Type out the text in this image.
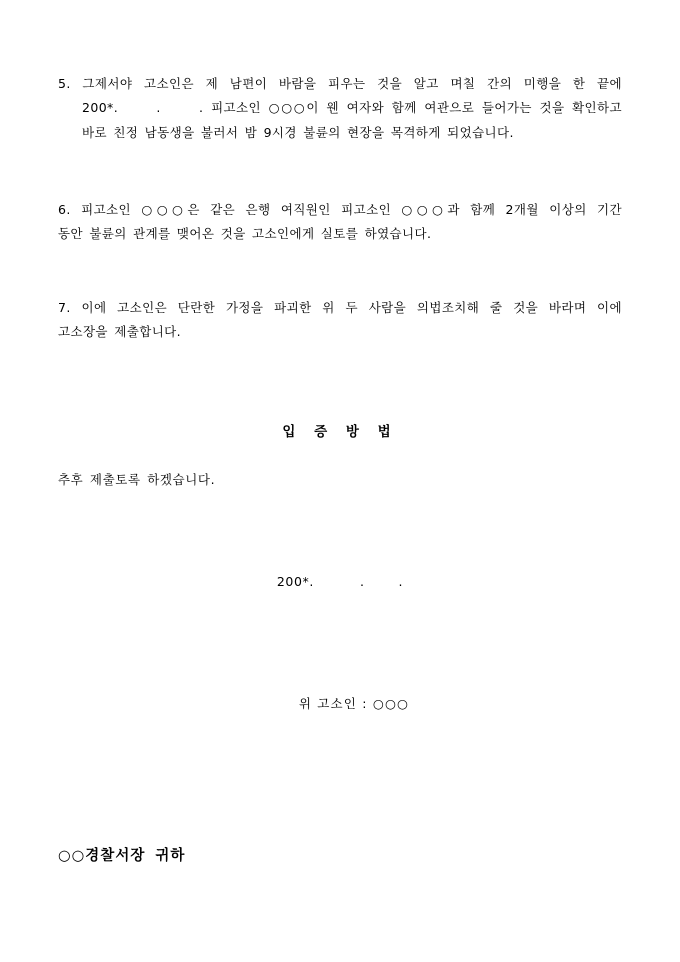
5. 그제서야 고소인은 제 남편이 바람을 피우는 것을 알고 며칠 간의 미행을 한 끝에
200*.     .     . 피고소인 ○○○이 웬 여자와 함께 여관으로 들어가는 것을 확인하고
바로 친정 남동생을 불러서 밤 9시경 불륜의 현장을 목격하게 되었습니다.
6. 피고소인 ○○○은 같은 은행 여직원인 피고소인 ○○○과 함께 2개월 이상의 기간
동안 불륜의 관계를 맺어온 것을 고소인에게 실토를 하였습니다.
7. 이에 고소인은 단란한 가정을 파괴한 위 두 사람을 의법조치해 줄 것을 바라며 이에
고소장을 제출합니다.
입 증 방 법
추후 제출토록 하겠습니다.
200*.	.	.
위 고소인 : ○○○
○○경찰서장 귀하
